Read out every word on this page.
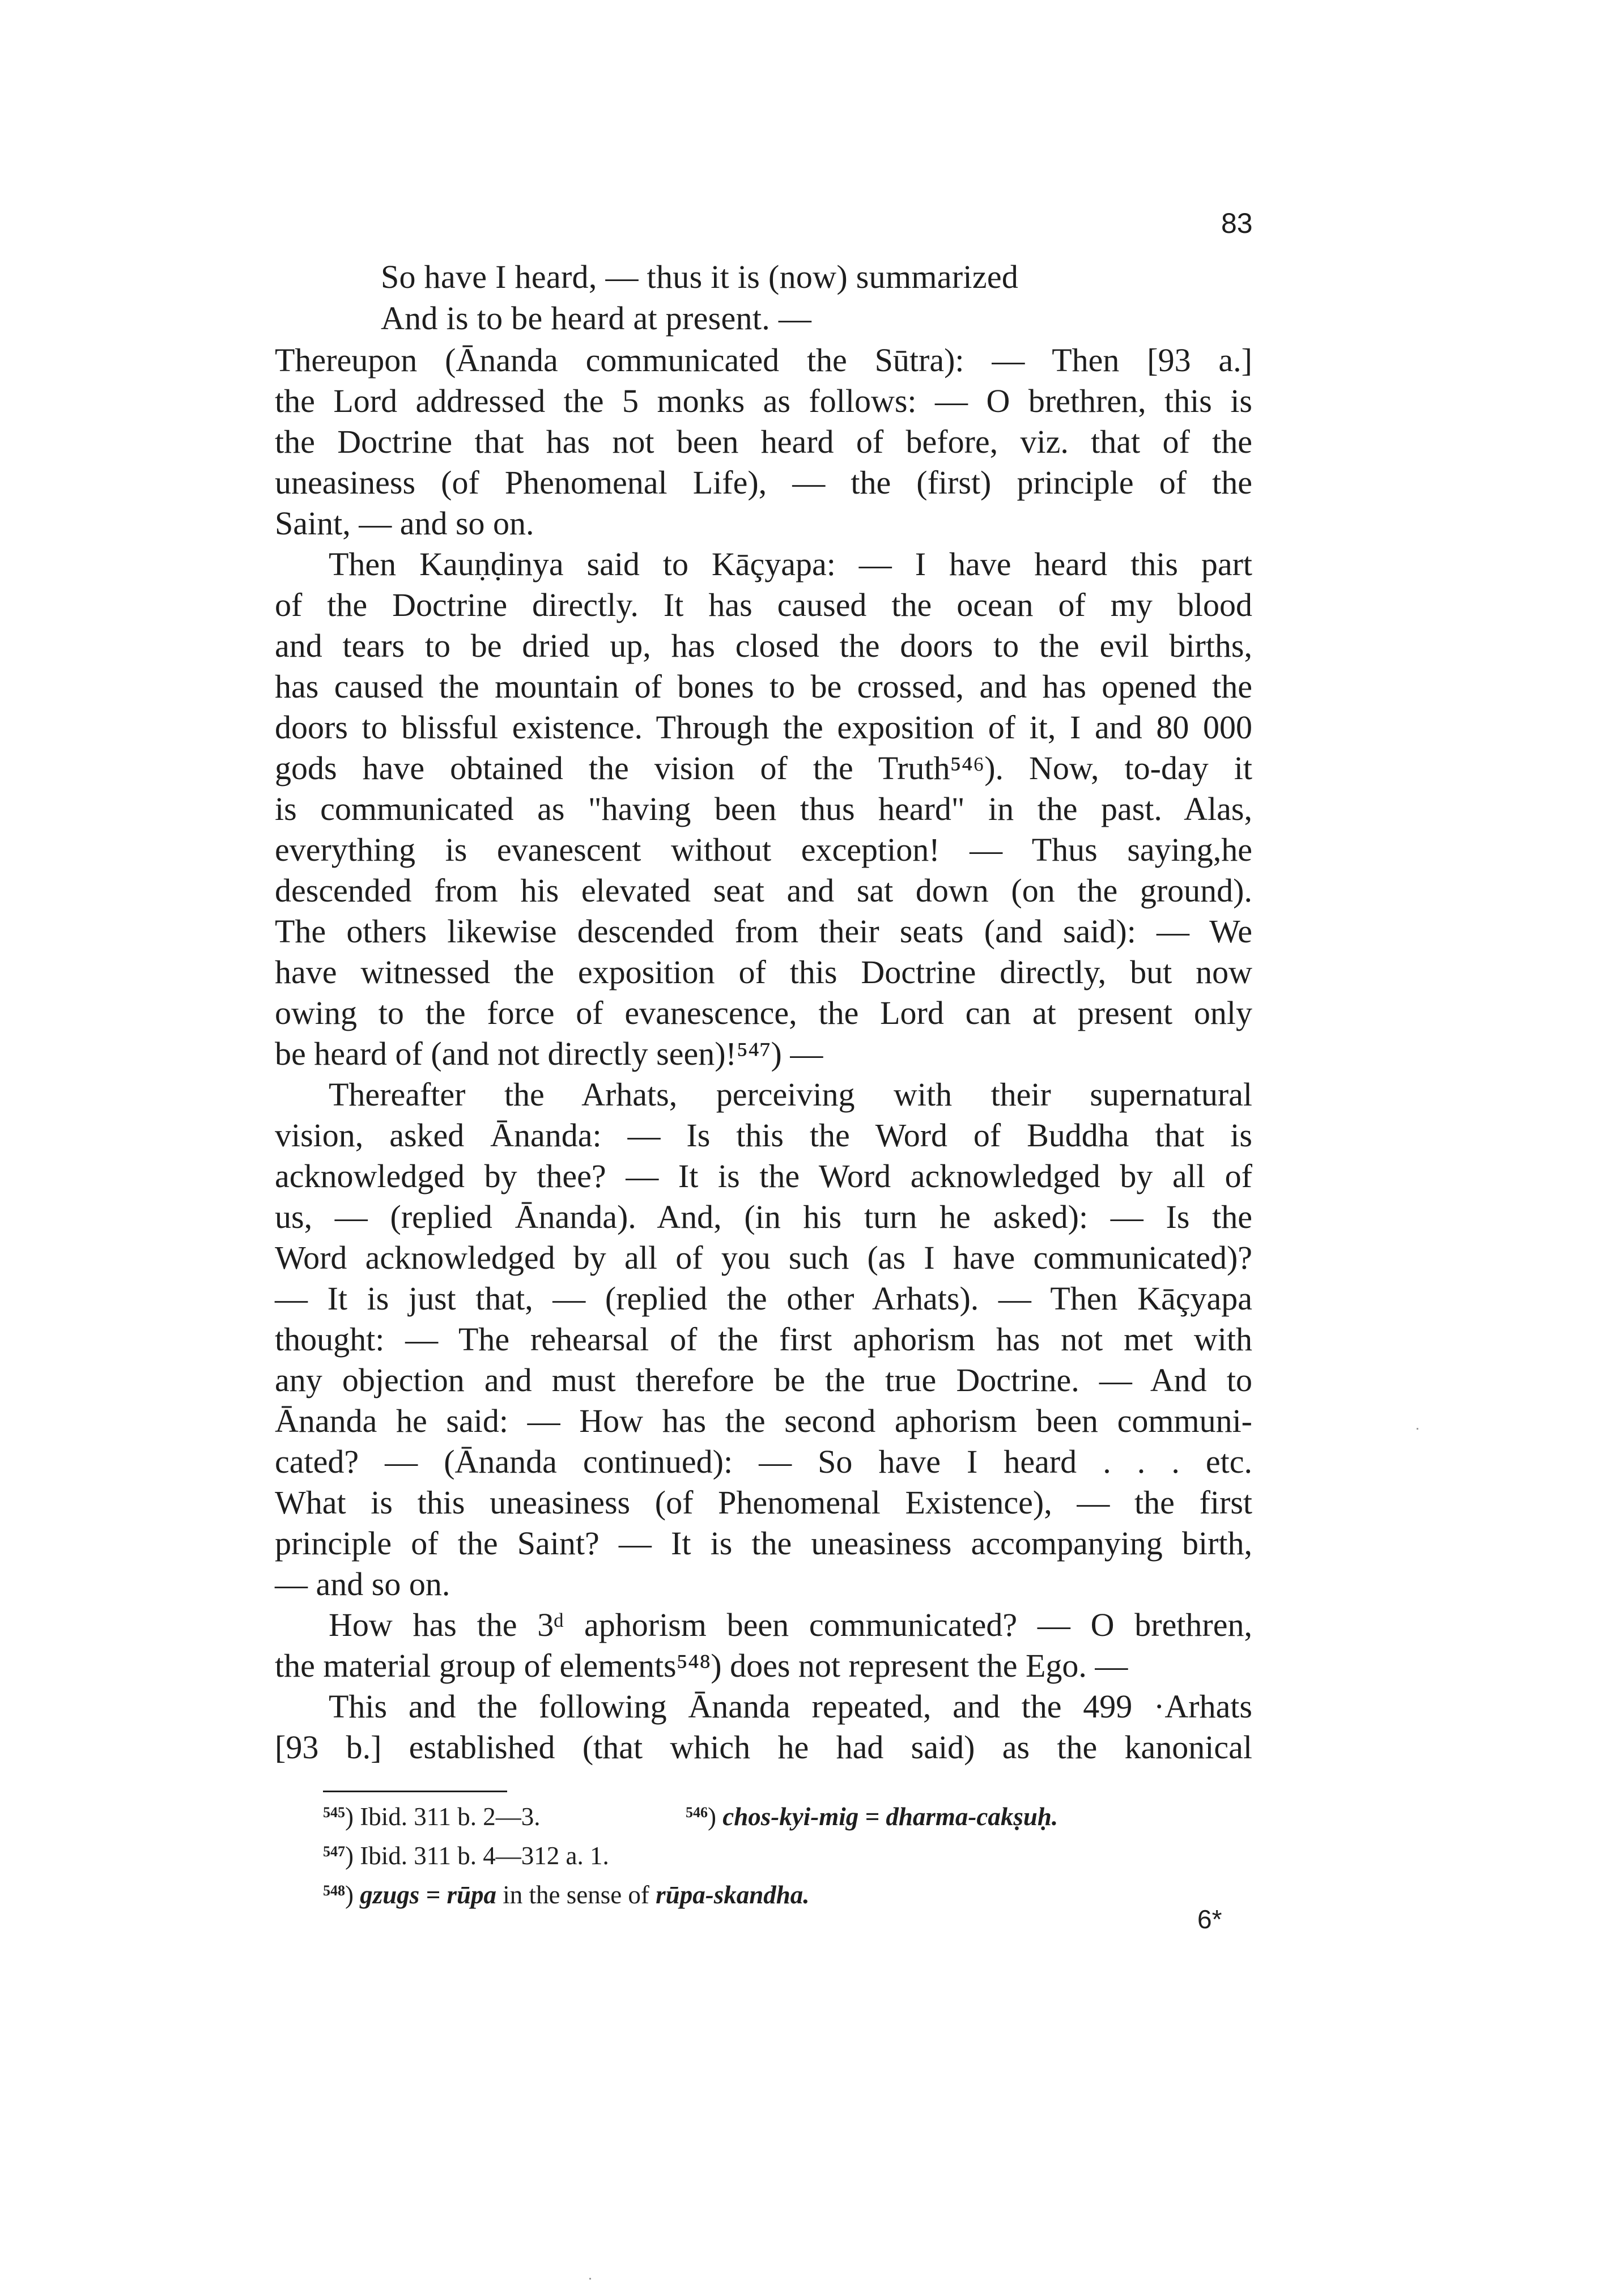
83
So have I heard, — thus it is (now) summarized
And is to be heard at present. —
Thereupon (Ānanda communicated the Sūtra): — Then [93 a.]
the Lord addressed the 5 monks as follows: — O brethren, this is
the Doctrine that has not been heard of before, viz. that of the
uneasiness (of Phenomenal Life), — the (first) principle of the
Saint, — and so on.
Then Kauṇḍinya said to Kāçyapa: — I have heard this part
of the Doctrine directly. It has caused the ocean of my blood
and tears to be dried up, has closed the doors to the evil births,
has caused the mountain of bones to be crossed, and has opened the
doors to blissful existence. Through the exposition of it, I and 80 000
gods have obtained the vision of the Truth⁵⁴⁶). Now, to-day it
is communicated as "having been thus heard" in the past. Alas,
everything is evanescent without exception! — Thus saying,he
descended from his elevated seat and sat down (on the ground).
The others likewise descended from their seats (and said): — We
have witnessed the exposition of this Doctrine directly, but now
owing to the force of evanescence, the Lord can at present only
be heard of (and not directly seen)!⁵⁴⁷) —
Thereafter the Arhats, perceiving with their supernatural
vision, asked Ānanda: — Is this the Word of Buddha that is
acknowledged by thee? — It is the Word acknowledged by all of
us, — (replied Ānanda). And, (in his turn he asked): — Is the
Word acknowledged by all of you such (as I have communicated)?
— It is just that, — (replied the other Arhats). — Then Kāçyapa
thought: — The rehearsal of the first aphorism has not met with
any objection and must therefore be the true Doctrine. — And to
Ānanda he said: — How has the second aphorism been communi-
cated? — (Ānanda continued): — So have I heard . . . etc.
What is this uneasiness (of Phenomenal Existence), — the first
principle of the Saint? — It is the uneasiness accompanying birth,
— and so on.
How has the 3ᵈ aphorism been communicated? — O brethren,
the material group of elements⁵⁴⁸) does not represent the Ego. —
This and the following Ānanda repeated, and the 499 ·Arhats
[93 b.] established (that which he had said) as the kanonical
$^{545}$) Ibid. 311 b. 2—3.	$^{546}$) chos-kyi-mig = dharma-cakṣuḥ.
$^{547}$) Ibid. 311 b. 4—312 a. 1.
$^{548}$) gzugs = rūpa in the sense of rūpa-skandha.
6*
